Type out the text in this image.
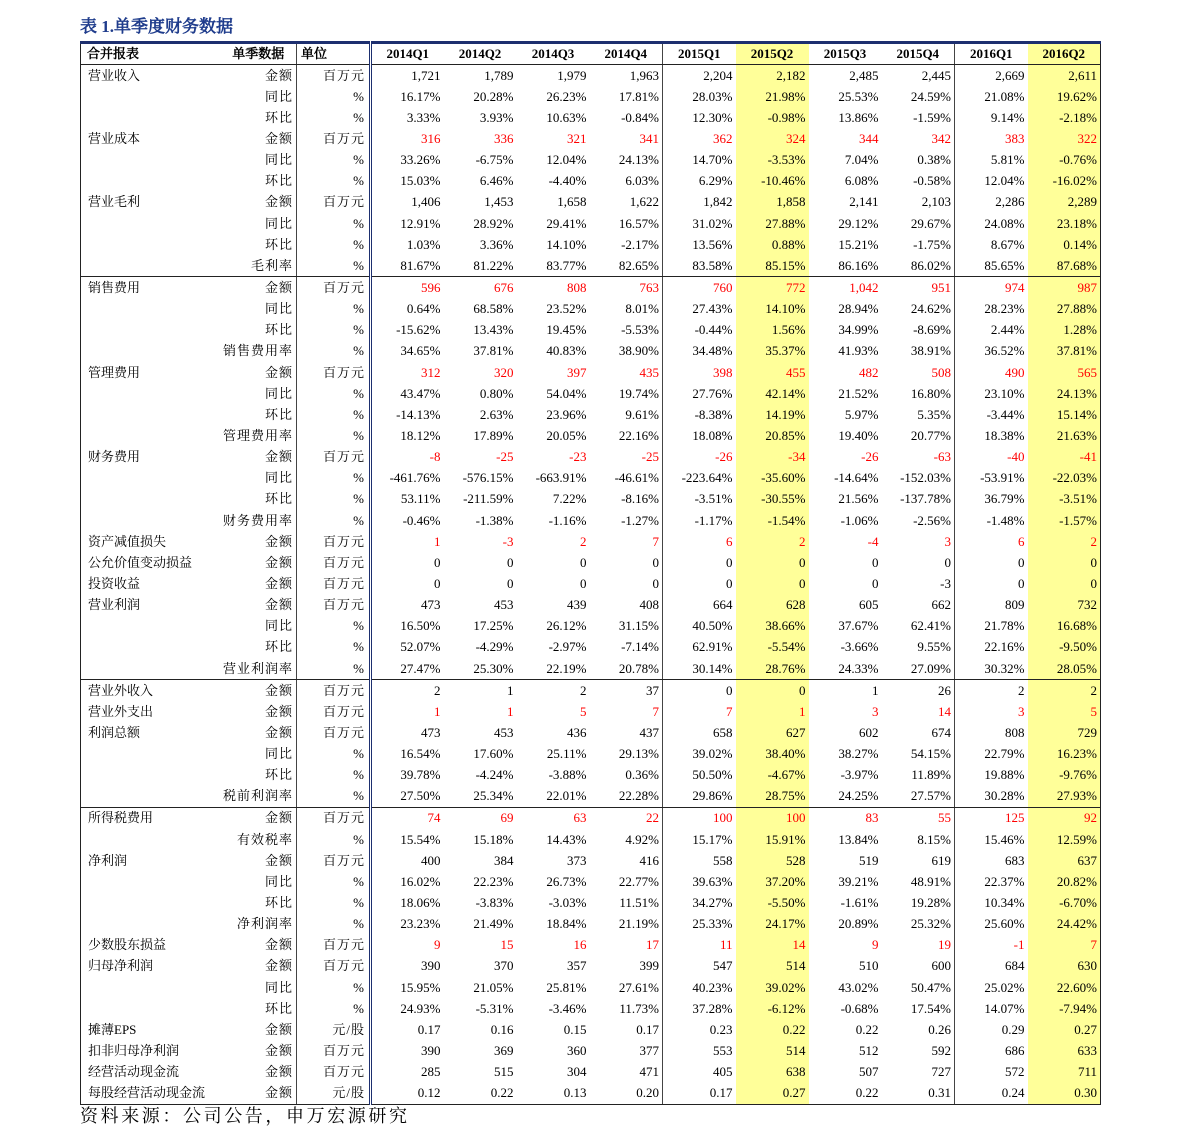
表 1.单季度财务数据
合并报表	单季数据	单位	2014Q1	2014Q2	2014Q3	2014Q4	2015Q1	2015Q2	2015Q3	2015Q4	2016Q1	2016Q2
营业收入	金额	百万元	1,721	1,789	1,979	1,963	2,204	2,182	2,485	2,445	2,669	2,611
	同比	%	16.17%	20.28%	26.23%	17.81%	28.03%	21.98%	25.53%	24.59%	21.08%	19.62%
	环比	%	3.33%	3.93%	10.63%	-0.84%	12.30%	-0.98%	13.86%	-1.59%	9.14%	-2.18%
营业成本	金额	百万元	316	336	321	341	362	324	344	342	383	322
	同比	%	33.26%	-6.75%	12.04%	24.13%	14.70%	-3.53%	7.04%	0.38%	5.81%	-0.76%
	环比	%	15.03%	6.46%	-4.40%	6.03%	6.29%	-10.46%	6.08%	-0.58%	12.04%	-16.02%
营业毛利	金额	百万元	1,406	1,453	1,658	1,622	1,842	1,858	2,141	2,103	2,286	2,289
	同比	%	12.91%	28.92%	29.41%	16.57%	31.02%	27.88%	29.12%	29.67%	24.08%	23.18%
	环比	%	1.03%	3.36%	14.10%	-2.17%	13.56%	0.88%	15.21%	-1.75%	8.67%	0.14%
	毛利率	%	81.67%	81.22%	83.77%	82.65%	83.58%	85.15%	86.16%	86.02%	85.65%	87.68%
销售费用	金额	百万元	596	676	808	763	760	772	1,042	951	974	987
	同比	%	0.64%	68.58%	23.52%	8.01%	27.43%	14.10%	28.94%	24.62%	28.23%	27.88%
	环比	%	-15.62%	13.43%	19.45%	-5.53%	-0.44%	1.56%	34.99%	-8.69%	2.44%	1.28%
	销售费用率	%	34.65%	37.81%	40.83%	38.90%	34.48%	35.37%	41.93%	38.91%	36.52%	37.81%
管理费用	金额	百万元	312	320	397	435	398	455	482	508	490	565
	同比	%	43.47%	0.80%	54.04%	19.74%	27.76%	42.14%	21.52%	16.80%	23.10%	24.13%
	环比	%	-14.13%	2.63%	23.96%	9.61%	-8.38%	14.19%	5.97%	5.35%	-3.44%	15.14%
	管理费用率	%	18.12%	17.89%	20.05%	22.16%	18.08%	20.85%	19.40%	20.77%	18.38%	21.63%
财务费用	金额	百万元	-8	-25	-23	-25	-26	-34	-26	-63	-40	-41
	同比	%	-461.76%	-576.15%	-663.91%	-46.61%	-223.64%	-35.60%	-14.64%	-152.03%	-53.91%	-22.03%
	环比	%	53.11%	-211.59%	7.22%	-8.16%	-3.51%	-30.55%	21.56%	-137.78%	36.79%	-3.51%
	财务费用率	%	-0.46%	-1.38%	-1.16%	-1.27%	-1.17%	-1.54%	-1.06%	-2.56%	-1.48%	-1.57%
资产减值损失	金额	百万元	1	-3	2	7	6	2	-4	3	6	2
公允价值变动损益	金额	百万元	0	0	0	0	0	0	0	0	0	0
投资收益	金额	百万元	0	0	0	0	0	0	0	-3	0	0
营业利润	金额	百万元	473	453	439	408	664	628	605	662	809	732
	同比	%	16.50%	17.25%	26.12%	31.15%	40.50%	38.66%	37.67%	62.41%	21.78%	16.68%
	环比	%	52.07%	-4.29%	-2.97%	-7.14%	62.91%	-5.54%	-3.66%	9.55%	22.16%	-9.50%
	营业利润率	%	27.47%	25.30%	22.19%	20.78%	30.14%	28.76%	24.33%	27.09%	30.32%	28.05%
营业外收入	金额	百万元	2	1	2	37	0	0	1	26	2	2
营业外支出	金额	百万元	1	1	5	7	7	1	3	14	3	5
利润总额	金额	百万元	473	453	436	437	658	627	602	674	808	729
	同比	%	16.54%	17.60%	25.11%	29.13%	39.02%	38.40%	38.27%	54.15%	22.79%	16.23%
	环比	%	39.78%	-4.24%	-3.88%	0.36%	50.50%	-4.67%	-3.97%	11.89%	19.88%	-9.76%
	税前利润率	%	27.50%	25.34%	22.01%	22.28%	29.86%	28.75%	24.25%	27.57%	30.28%	27.93%
所得税费用	金额	百万元	74	69	63	22	100	100	83	55	125	92
	有效税率	%	15.54%	15.18%	14.43%	4.92%	15.17%	15.91%	13.84%	8.15%	15.46%	12.59%
净利润	金额	百万元	400	384	373	416	558	528	519	619	683	637
	同比	%	16.02%	22.23%	26.73%	22.77%	39.63%	37.20%	39.21%	48.91%	22.37%	20.82%
	环比	%	18.06%	-3.83%	-3.03%	11.51%	34.27%	-5.50%	-1.61%	19.28%	10.34%	-6.70%
	净利润率	%	23.23%	21.49%	18.84%	21.19%	25.33%	24.17%	20.89%	25.32%	25.60%	24.42%
少数股东损益	金额	百万元	9	15	16	17	11	14	9	19	-1	7
归母净利润	金额	百万元	390	370	357	399	547	514	510	600	684	630
	同比	%	15.95%	21.05%	25.81%	27.61%	40.23%	39.02%	43.02%	50.47%	25.02%	22.60%
	环比	%	24.93%	-5.31%	-3.46%	11.73%	37.28%	-6.12%	-0.68%	17.54%	14.07%	-7.94%
摊薄EPS	金额	元/股	0.17	0.16	0.15	0.17	0.23	0.22	0.22	0.26	0.29	0.27
扣非归母净利润	金额	百万元	390	369	360	377	553	514	512	592	686	633
经营活动现金流	金额	百万元	285	515	304	471	405	638	507	727	572	711
每股经营活动现金流	金额	元/股	0.12	0.22	0.13	0.20	0.17	0.27	0.22	0.31	0.24	0.30
资料来源：公司公告，申万宏源研究
